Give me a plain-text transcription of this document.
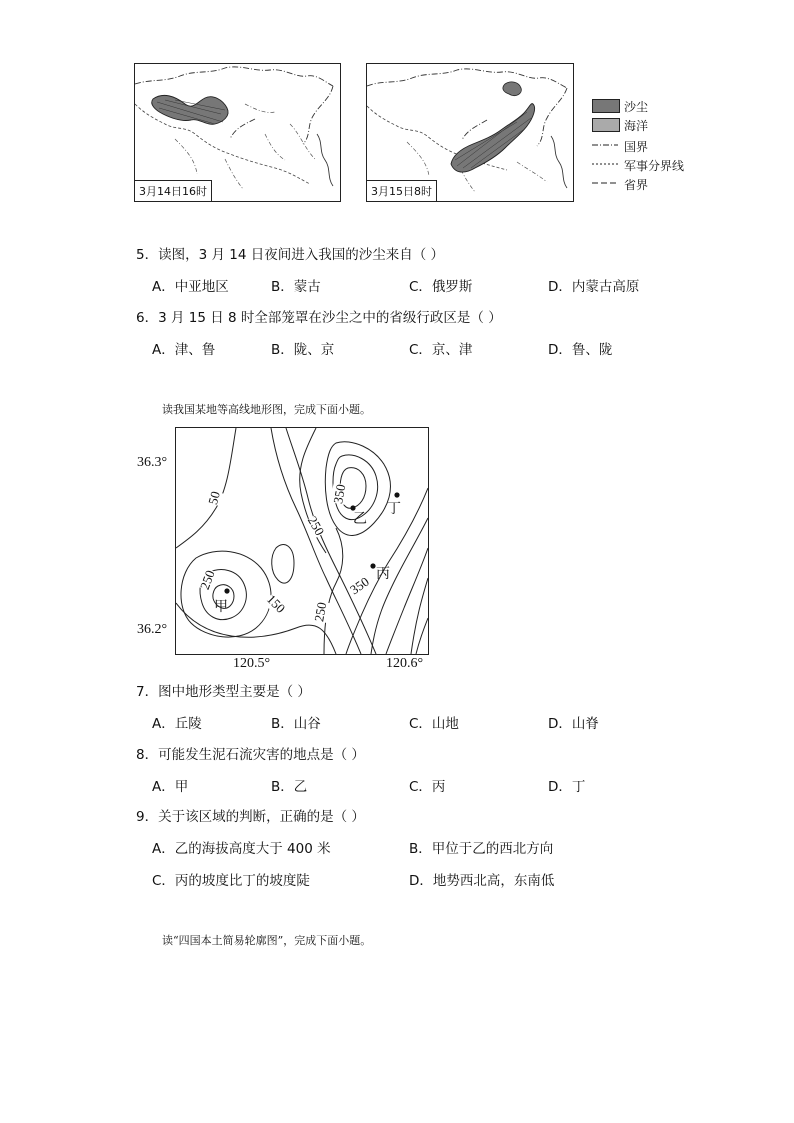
3月14日16时	3月15日8时
沙尘
海洋
国界
军事分界线
省界
5．读图，3 月 14 日夜间进入我国的沙尘来自（ ）
A．中亚地区	B．蒙古	C．俄罗斯	D．内蒙古高原
6．3 月 15 日 8 时全部笼罩在沙尘之中的省级行政区是（ ）
A．津、鲁	B．陇、京	C．京、津	D．鲁、陇
读我国某地等高线地形图，完成下面小题。
36.3°
36.2°
120.5°	120.6°
50
150
250
250
250
350
350
甲
乙
丙
丁
7．图中地形类型主要是（ ）
A．丘陵	B．山谷	C．山地	D．山脊
8．可能发生泥石流灾害的地点是（ ）
A．甲	B．乙	C．丙	D．丁
9．关于该区域的判断，正确的是（ ）
A．乙的海拔高度大于 400 米	B．甲位于乙的西北方向
C．丙的坡度比丁的坡度陡	D．地势西北高，东南低
读“四国本土简易轮廓图”，完成下面小题。
